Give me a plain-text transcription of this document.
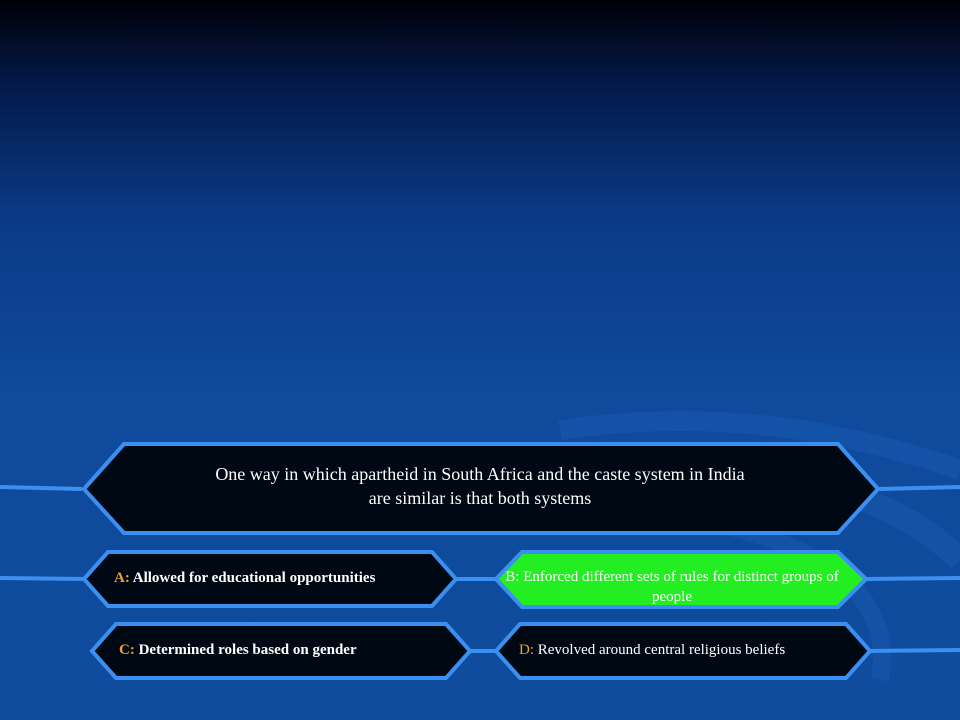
One way in which apartheid in South Africa and the caste system in India
are similar is that both systems
A: Allowed for educational opportunities	B: Enforced different sets of rules for distinct groups of people
C: Determined roles based on gender	D: Revolved around central religious beliefs
